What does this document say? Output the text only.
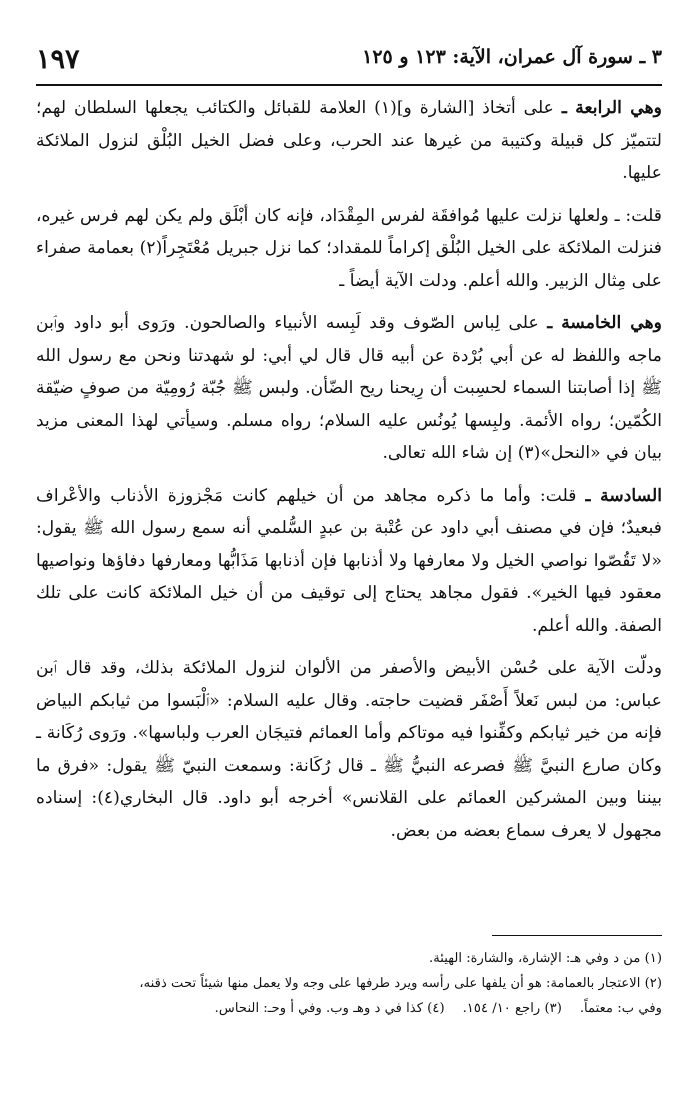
١٩٧	٣ ـ سورة آل عمران، الآية: ١٢٣ و ١٢٥

وهي الرابعة ـ على أتخاذ [الشارة و](١) العلامة للقبائل والكتائب يجعلها السلطان لهم؛ لتتميّز كل قبيلة وكتيبة من غيرها عند الحرب، وعلى فضل الخيل البُلْق لنزول الملائكة عليها.

قلت: ـ ولعلها نزلت عليها مُوافقَة لفرس المِقْدَاد، فإنه كان أبْلَق ولم يكن لهم فرس غيره، فنزلت الملائكة على الخيل البُلْق إكراماً للمقداد؛ كما نزل جبريل مُعْتَجِراً(٢) بعمامة صفراء على مِثال الزبير. والله أعلم. ودلت الآية أيضاً ـ

وهي الخامسة ـ على لِباس الصّوف وقد لَبِسه الأنبياء والصالحون. ورَوى أبو داود وٱبن ماجه واللفظ له عن أبي بُرْدة عن أبيه قال قال لي أبي: لو شهدتنا ونحن مع رسول الله ﷺ إذا أصابتنا السماء لحسِبت أن رِيحنا ريح الضّأن. ولبس ﷺ جُبّة رُومِيّة من صوفٍ ضيّقة الكُمّين؛ رواه الأئمة. ولبِسها يُونُس عليه السلام؛ رواه مسلم. وسيأتي لهذا المعنى مزيد بيان في «النحل»(٣) إن شاء الله تعالى.

السادسة ـ قلت: وأما ما ذكره مجاهد من أن خيلهم كانت مَجْزوزة الأذناب والأعْراف فبعيدٌ؛ فإن في مصنف أبي داود عن عُتْبة بن عبدٍ السُّلمي أنه سمع رسول الله ﷺ يقول: «لا تَقُصّوا نواصي الخيل ولا معارفها ولا أذنابها فإن أذنابها مَذَابُّها ومعارفها دفاؤها ونواصيها معقود فيها الخير». فقول مجاهد يحتاج إلى توقيف من أن خيل الملائكة كانت على تلك الصفة. والله أعلم.

ودلّت الآية على حُسْن الأبيض والأصفر من الألوان لنزول الملائكة بذلك، وقد قال ٱبن عباس: من لبس نَعلاً أَصْفَر قضيت حاجته. وقال عليه السلام: «ٱلْبَسوا من ثيابكم البياض فإنه من خير ثيابكم وكفِّنوا فيه موتاكم وأما العمائم فتيجَان العرب ولباسها». ورَوى رُكَانة ـ وكان صارع النبيَّ ﷺ فصرعه النبيُّ ﷺ ـ قال رُكَانة: وسمعت النبيّ ﷺ يقول: «فرق ما بيننا وبين المشركين العمائم على القلانس» أخرجه أبو داود. قال البخاري(٤): إسناده مجهول لا يعرف سماع بعضه من بعض.

(١) من د وفي هـ: الإشارة، والشارة: الهيئة.
(٢) الاعتجار بالعمامة: هو أن يلفها على رأسه ويرد طرفها على وجه ولا يعمل منها شيئاً تحت ذقنه،
وفي ب: معتماً.(٣) راجع ١٠/ ١٥٤.(٤) كذا في د وهـ وب. وفي أ وحـ: النحاس.
